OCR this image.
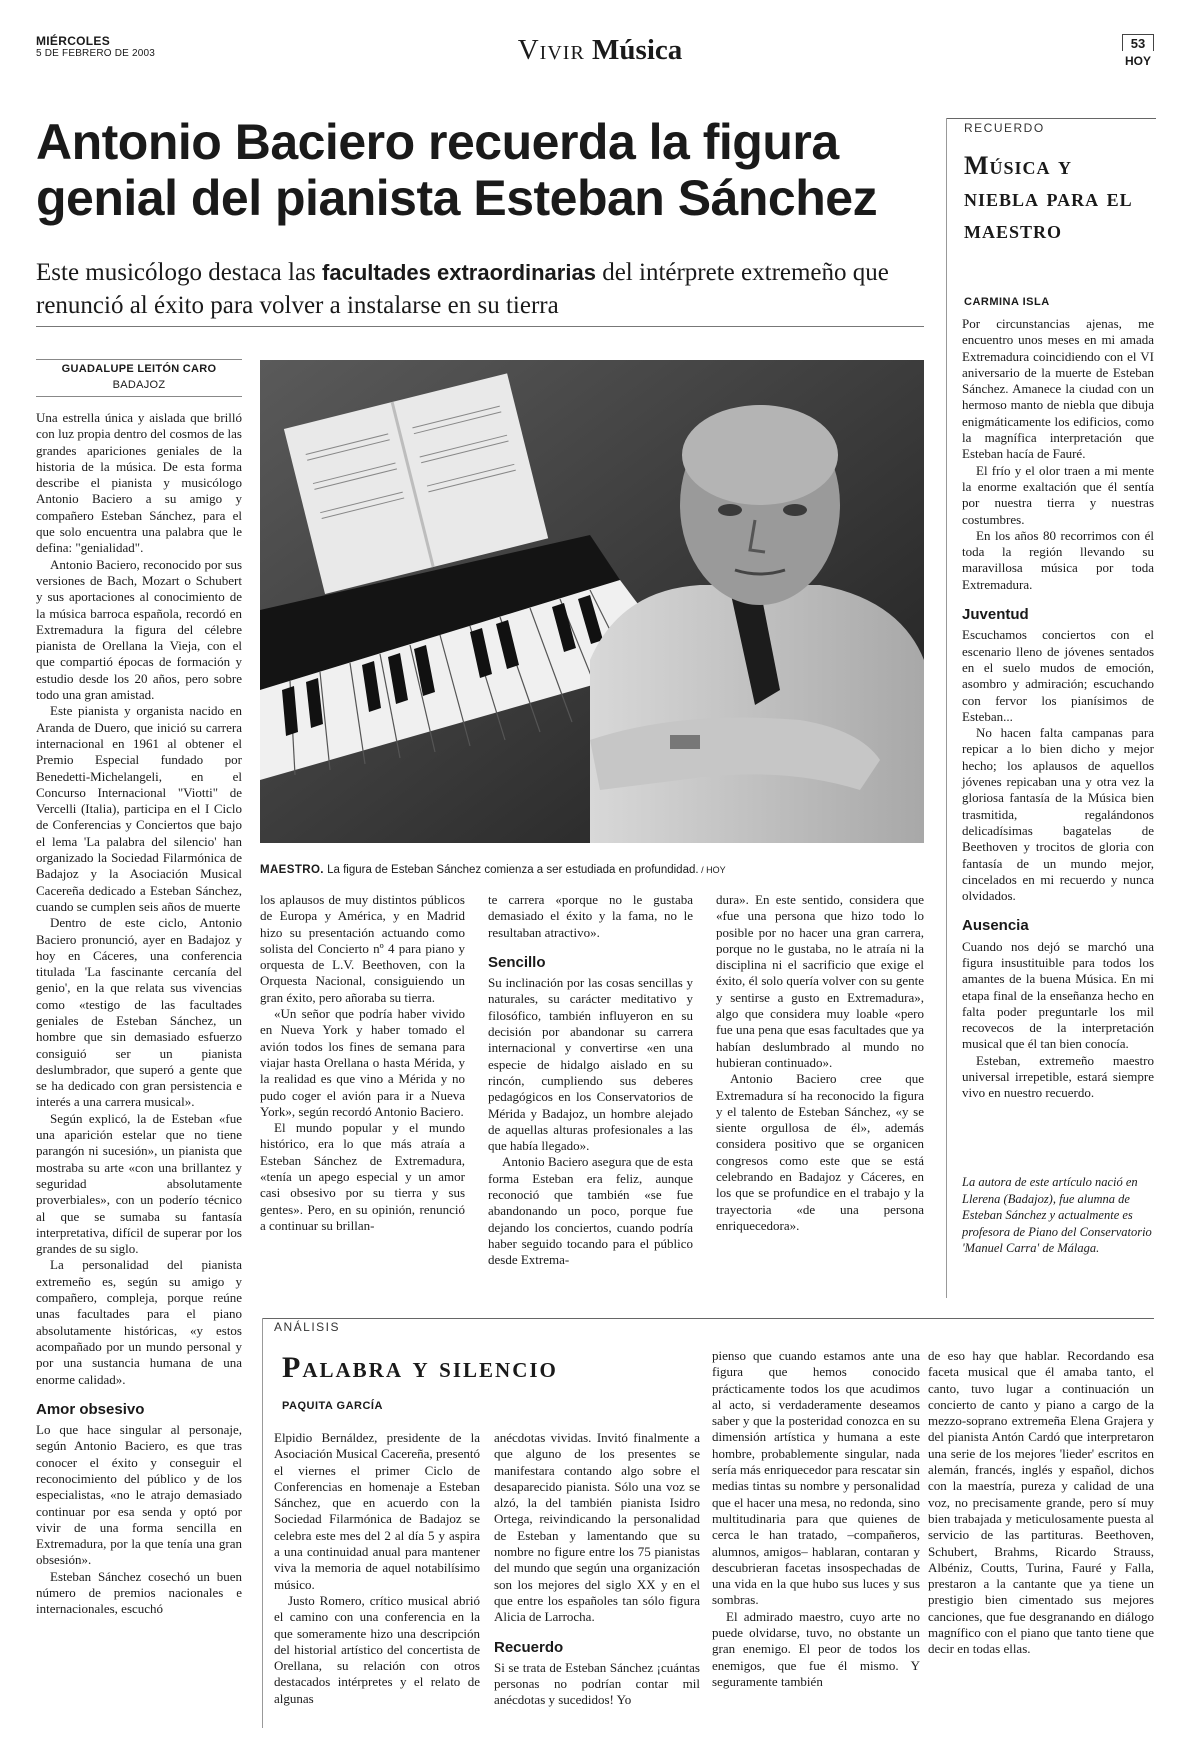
MIÉRCOLES
5 DE FEBRERO DE 2003	Vivir Música	53
HOY
Antonio Baciero recuerda la figura genial del pianista Esteban Sánchez
Este musicólogo destaca las facultades extraordinarias del intérprete extremeño que renunció al éxito para volver a instalarse en su tierra
GUADALUPE LEITÓN CARO
BADAJOZ

Una estrella única y aislada que brilló con luz propia dentro del cosmos de las grandes apariciones geniales de la historia de la música. De esta forma describe el pianista y musicólogo Antonio Baciero a su amigo y compañero Esteban Sánchez, para el que solo encuentra una palabra que le defina: "genialidad".

Antonio Baciero, reconocido por sus versiones de Bach, Mozart o Schubert y sus aportaciones al conocimiento de la música barroca española, recordó en Extremadura la figura del célebre pianista de Orellana la Vieja, con el que compartió épocas de formación y estudio desde los 20 años, pero sobre todo una gran amistad.

Este pianista y organista nacido en Aranda de Duero, que inició su carrera internacional en 1961 al obtener el Premio Especial fundado por Benedetti-Michelangeli, en el Concurso Internacional "Viotti" de Vercelli (Italia), participa en el I Ciclo de Conferencias y Conciertos que bajo el lema 'La palabra del silencio' han organizado la Sociedad Filarmónica de Badajoz y la Asociación Musical Cacereña dedicado a Esteban Sánchez, cuando se cumplen seis años de muerte

Dentro de este ciclo, Antonio Baciero pronunció, ayer en Badajoz y hoy en Cáceres, una conferencia titulada 'La fascinante cercanía del genio', en la que relata sus vivencias como «testigo de las facultades geniales de Esteban Sánchez, un hombre que sin demasiado esfuerzo consiguió ser un pianista deslumbrador, que superó a gente que se ha dedicado con gran persistencia e interés a una carrera musical».

Según explicó, la de Esteban «fue una aparición estelar que no tiene parangón ni sucesión», un pianista que mostraba su arte «con una brillantez y seguridad absolutamente proverbiales», con un poderío técnico al que se sumaba su fantasía interpretativa, difícil de superar por los grandes de su siglo.

La personalidad del pianista extremeño es, según su amigo y compañero, compleja, porque reúne unas facultades para el piano absolutamente históricas, «y estos acompañado por un mundo personal y por una sustancia humana de una enorme calidad».

Amor obsesivo

Lo que hace singular al personaje, según Antonio Baciero, es que tras conocer el éxito y conseguir el reconocimiento del público y de los especialistas, «no le atrajo demasiado continuar por esa senda y optó por vivir de una forma sencilla en Extremadura, por la que tenía una gran obsesión».

Esteban Sánchez cosechó un buen número de premios nacionales e internacionales, escuchó

MAESTRO. La figura de Esteban Sánchez comienza a ser estudiada en profundidad. / HOY

los aplausos de muy distintos públicos de Europa y América, y en Madrid hizo su presentación actuando como solista del Concierto nº 4 para piano y orquesta de L.V. Beethoven, con la Orquesta Nacional, consiguiendo un gran éxito, pero añoraba su tierra.

«Un señor que podría haber vivido en Nueva York y haber tomado el avión todos los fines de semana para viajar hasta Orellana o hasta Mérida, y la realidad es que vino a Mérida y no pudo coger el avión para ir a Nueva York», según recordó Antonio Baciero.

El mundo popular y el mundo histórico, era lo que más atraía a Esteban Sánchez de Extremadura, «tenía un apego especial y un amor casi obsesivo por su tierra y sus gentes». Pero, en su opinión, renunció a continuar su brillan-

te carrera «porque no le gustaba demasiado el éxito y la fama, no le resultaban atractivo».

Sencillo

Su inclinación por las cosas sencillas y naturales, su carácter meditativo y filosófico, también influyeron en su decisión por abandonar su carrera internacional y convertirse «en una especie de hidalgo aislado en su rincón, cumpliendo sus deberes pedagógicos en los Conservatorios de Mérida y Badajoz, un hombre alejado de aquellas alturas profesionales a las que había llegado».

Antonio Baciero asegura que de esta forma Esteban era feliz, aunque reconoció que también «se fue abandonando un poco, porque fue dejando los conciertos, cuando podría haber seguido tocando para el público desde Extrema-

dura». En este sentido, considera que «fue una persona que hizo todo lo posible por no hacer una gran carrera, porque no le gustaba, no le atraía ni la disciplina ni el sacrificio que exige el éxito, él solo quería volver con su gente y sentirse a gusto en Extremadura», algo que considera muy loable «pero fue una pena que esas facultades que ya habían deslumbrado al mundo no hubieran continuado».

Antonio Baciero cree que Extremadura sí ha reconocido la figura y el talento de Esteban Sánchez, «y se siente orgullosa de él», además considera positivo que se organicen congresos como este que se está celebrando en Badajoz y Cáceres, en los que se profundice en el trabajo y la trayectoria «de una persona enriquecedora».

RECUERDO
Música y niebla para el maestro
CARMINA ISLA

Por circunstancias ajenas, me encuentro unos meses en mi amada Extremadura coincidiendo con el VI aniversario de la muerte de Esteban Sánchez. Amanece la ciudad con un hermoso manto de niebla que dibuja enigmáticamente los edificios, como la magnífica interpretación que Esteban hacía de Fauré.

El frío y el olor traen a mi mente la enorme exaltación que él sentía por nuestra tierra y nuestras costumbres.

En los años 80 recorrimos con él toda la región llevando su maravillosa música por toda Extremadura.

Juventud

Escuchamos conciertos con el escenario lleno de jóvenes sentados en el suelo mudos de emoción, asombro y admiración; escuchando con fervor los pianísimos de Esteban...

No hacen falta campanas para repicar a lo bien dicho y mejor hecho; los aplausos de aquellos jóvenes repicaban una y otra vez la gloriosa fantasía de la Música bien trasmitida, regalándonos delicadísimas bagatelas de Beethoven y trocitos de gloria con fantasía de un mundo mejor, cincelados en mi recuerdo y nunca olvidados.

Ausencia

Cuando nos dejó se marchó una figura insustituible para todos los amantes de la buena Música. En mi etapa final de la enseñanza hecho en falta poder preguntarle los mil recovecos de la interpretación musical que él tan bien conocía.

Esteban, extremeño maestro universal irrepetible, estará siempre vivo en nuestro recuerdo.

La autora de este artículo nació en Llerena (Badajoz), fue alumna de Esteban Sánchez y actualmente es profesora de Piano del Conservatorio 'Manuel Carra' de Málaga.
ANÁLISIS
Palabra y silencio
PAQUITA GARCÍA

Elpidio Bernáldez, presidente de la Asociación Musical Cacereña, presentó el viernes el primer Ciclo de Conferencias en homenaje a Esteban Sánchez, que en acuerdo con la Sociedad Filarmónica de Badajoz se celebra este mes del 2 al día 5 y aspira a una continuidad anual para mantener viva la memoria de aquel notabilísimo músico.

Justo Romero, crítico musical abrió el camino con una conferencia en la que someramente hizo una descripción del historial artístico del concertista de Orellana, su relación con otros destacados intérpretes y el relato de algunas

anécdotas vividas. Invitó finalmente a que alguno de los presentes se manifestara contando algo sobre el desaparecido pianista. Sólo una voz se alzó, la del también pianista Isidro Ortega, reivindicando la personalidad de Esteban y lamentando que su nombre no figure entre los 75 pianistas del mundo que según una organización son los mejores del siglo XX y en el que entre los españoles tan sólo figura Alicia de Larrocha.

Recuerdo

Si se trata de Esteban Sánchez ¡cuántas personas no podrían contar mil anécdotas y sucedidos! Yo

pienso que cuando estamos ante una figura que hemos conocido prácticamente todos los que acudimos al acto, si verdaderamente deseamos saber y que la posteridad conozca en su dimensión artística y humana a este hombre, probablemente singular, nada sería más enriquecedor para rescatar sin medias tintas su nombre y personalidad que el hacer una mesa, no redonda, sino multitudinaria para que quienes de cerca le han tratado, –compañeros, alumnos, amigos– hablaran, contaran y descubrieran facetas insospechadas de una vida en la que hubo sus luces y sus sombras.

El admirado maestro, cuyo arte no puede olvidarse, tuvo, no obstante un gran enemigo. El peor de todos los enemigos, que fue él mismo. Y seguramente también

de eso hay que hablar. Recordando esa faceta musical que él amaba tanto, el canto, tuvo lugar a continuación un concierto de canto y piano a cargo de la mezzo-soprano extremeña Elena Grajera y del pianista Antón Cardó que interpretaron una serie de los mejores 'lieder' escritos en alemán, francés, inglés y español, dichos con la maestría, pureza y calidad de una voz, no precisamente grande, pero sí muy bien trabajada y meticulosamente puesta al servicio de las partituras. Beethoven, Schubert, Brahms, Ricardo Strauss, Albéniz, Coutts, Turina, Fauré y Falla, prestaron a la cantante que ya tiene un prestigio bien cimentado sus mejores canciones, que fue desgranando en diálogo magnífico con el piano que tanto tiene que decir en todas ellas.
